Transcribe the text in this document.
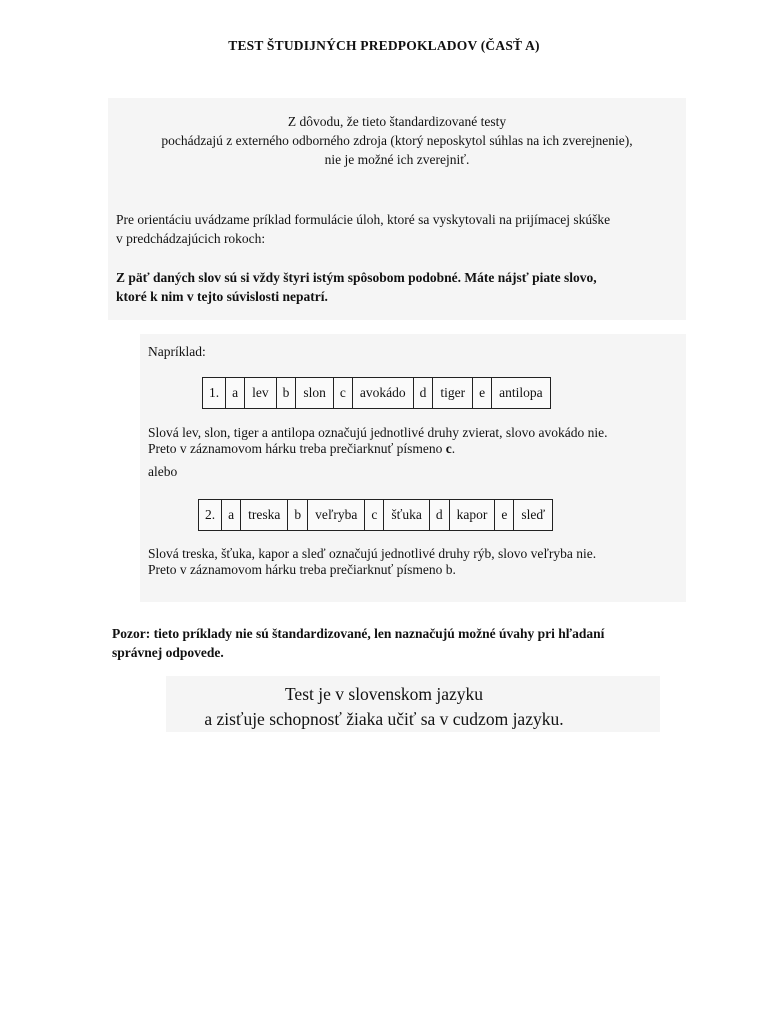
TEST ŠTUDIJNÝCH PREDPOKLADOV (ČASŤ A)
Z dôvodu, že tieto štandardizované testy
pochádzajú z externého odborného zdroja (ktorý neposkytol súhlas na ich zverejnenie),
nie je možné ich zverejniť.
Pre orientáciu uvádzame príklad formulácie úloh, ktoré sa vyskytovali na prijímacej skúške
v predchádzajúcich rokoch:
Z päť daných slov sú si vždy štyri istým spôsobom podobné. Máte nájsť piate slovo,
ktoré k nim v tejto súvislosti nepatrí.
Napríklad:
1.	a	lev	b	slon	c	avokádo	d	tiger	e	antilopa
Slová lev, slon, tiger a antilopa označujú jednotlivé druhy zvierat, slovo avokádo nie.
Preto v záznamovom hárku treba prečiarknuť písmeno c.
alebo
2.	a	treska	b	veľryba	c	šťuka	d	kapor	e	sleď
Slová treska, šťuka, kapor a sleď označujú jednotlivé druhy rýb, slovo veľryba nie.
Preto v záznamovom hárku treba prečiarknuť písmeno b.
Pozor: tieto príklady nie sú štandardizované, len naznačujú možné úvahy pri hľadaní
správnej odpovede.
Test je v slovenskom jazyku
a zisťuje schopnosť žiaka učiť sa v cudzom jazyku.
